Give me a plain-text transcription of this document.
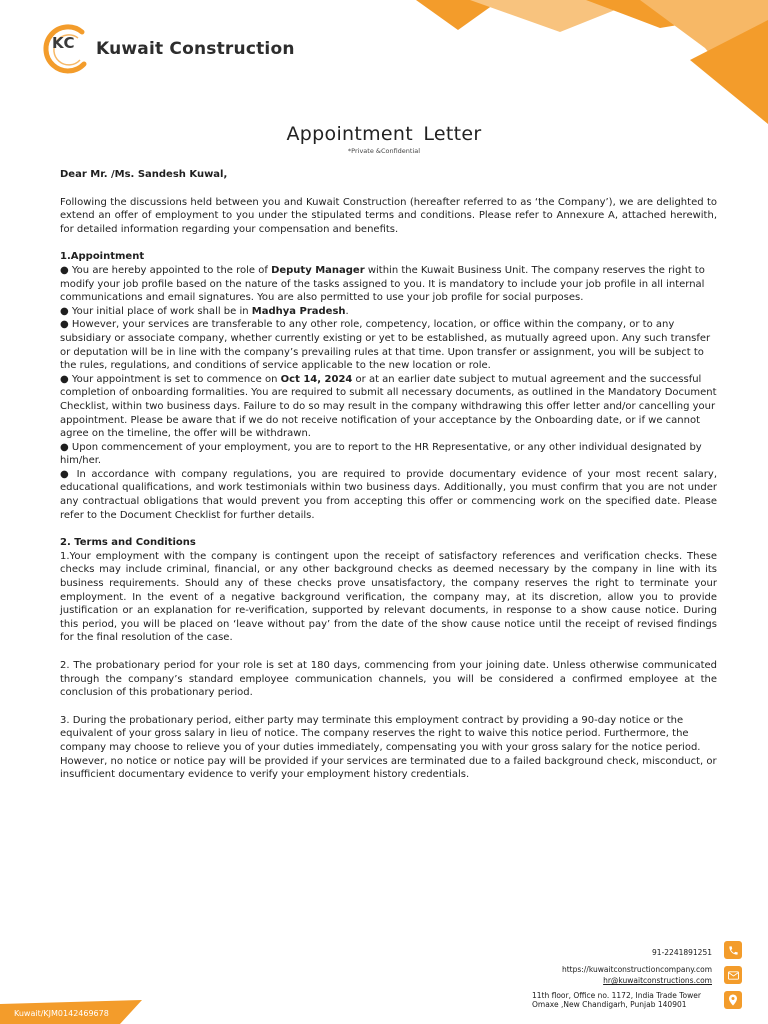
KC Kuwait Construction
Appointment Letter
*Private &Confidential

Dear Mr. /Ms. Sandesh Kuwal,

Following the discussions held between you and Kuwait Construction (hereafter referred to as ‘the Company’), we are delighted to extend an offer of employment to you under the stipulated terms and conditions. Please refer to Annexure A, attached herewith, for detailed information regarding your compensation and benefits.

1.Appointment

● You are hereby appointed to the role of Deputy Manager within the Kuwait Business Unit. The company reserves the right to modify your job profile based on the nature of the tasks assigned to you. It is mandatory to include your job profile in all internal communications and email signatures. You are also permitted to use your job profile for social purposes.

● Your initial place of work shall be in Madhya Pradesh.

● However, your services are transferable to any other role, competency, location, or office within the company, or to any subsidiary or associate company, whether currently existing or yet to be established, as mutually agreed upon. Any such transfer or deputation will be in line with the company’s prevailing rules at that time. Upon transfer or assignment, you will be subject to the rules, regulations, and conditions of service applicable to the new location or role.

● Your appointment is set to commence on Oct 14, 2024 or at an earlier date subject to mutual agreement and the successful completion of onboarding formalities. You are required to submit all necessary documents, as outlined in the Mandatory Document Checklist, within two business days. Failure to do so may result in the company withdrawing this offer letter and/or cancelling your appointment. Please be aware that if we do not receive notification of your acceptance by the Onboarding date, or if we cannot agree on the timeline, the offer will be withdrawn.

● Upon commencement of your employment, you are to report to the HR Representative, or any other individual designated by him/her.

● In accordance with company regulations, you are required to provide documentary evidence of your most recent salary, educational qualifications, and work testimonials within two business days. Additionally, you must confirm that you are not under any contractual obligations that would prevent you from accepting this offer or commencing work on the specified date. Please refer to the Document Checklist for further details.

2. Terms and Conditions

1.Your employment with the company is contingent upon the receipt of satisfactory references and verification checks. These checks may include criminal, financial, or any other background checks as deemed necessary by the company in line with its business requirements. Should any of these checks prove unsatisfactory, the company reserves the right to terminate your employment. In the event of a negative background verification, the company may, at its discretion, allow you to provide justification or an explanation for re-verification, supported by relevant documents, in response to a show cause notice. During this period, you will be placed on ‘leave without pay’ from the date of the show cause notice until the receipt of revised findings for the final resolution of the case.

2. The probationary period for your role is set at 180 days, commencing from your joining date. Unless otherwise communicated through the company’s standard employee communication channels, you will be considered a confirmed employee at the conclusion of this probationary period.

3. During the probationary period, either party may terminate this employment contract by providing a 90-day notice or the equivalent of your gross salary in lieu of notice. The company reserves the right to waive this notice period. Furthermore, the company may choose to relieve you of your duties immediately, compensating you with your gross salary for the notice period. However, no notice or notice pay will be provided if your services are terminated due to a failed background check, misconduct, or insufficient documentary evidence to verify your employment history credentials.

91-2241891251
https://kuwaitconstructioncompany.com
hr@kuwaitconstructions.com
11th floor, Office no. 1172, India Trade Tower Omaxe ,New Chandigarh, Punjab 140901
Kuwait/KJM0142469678
